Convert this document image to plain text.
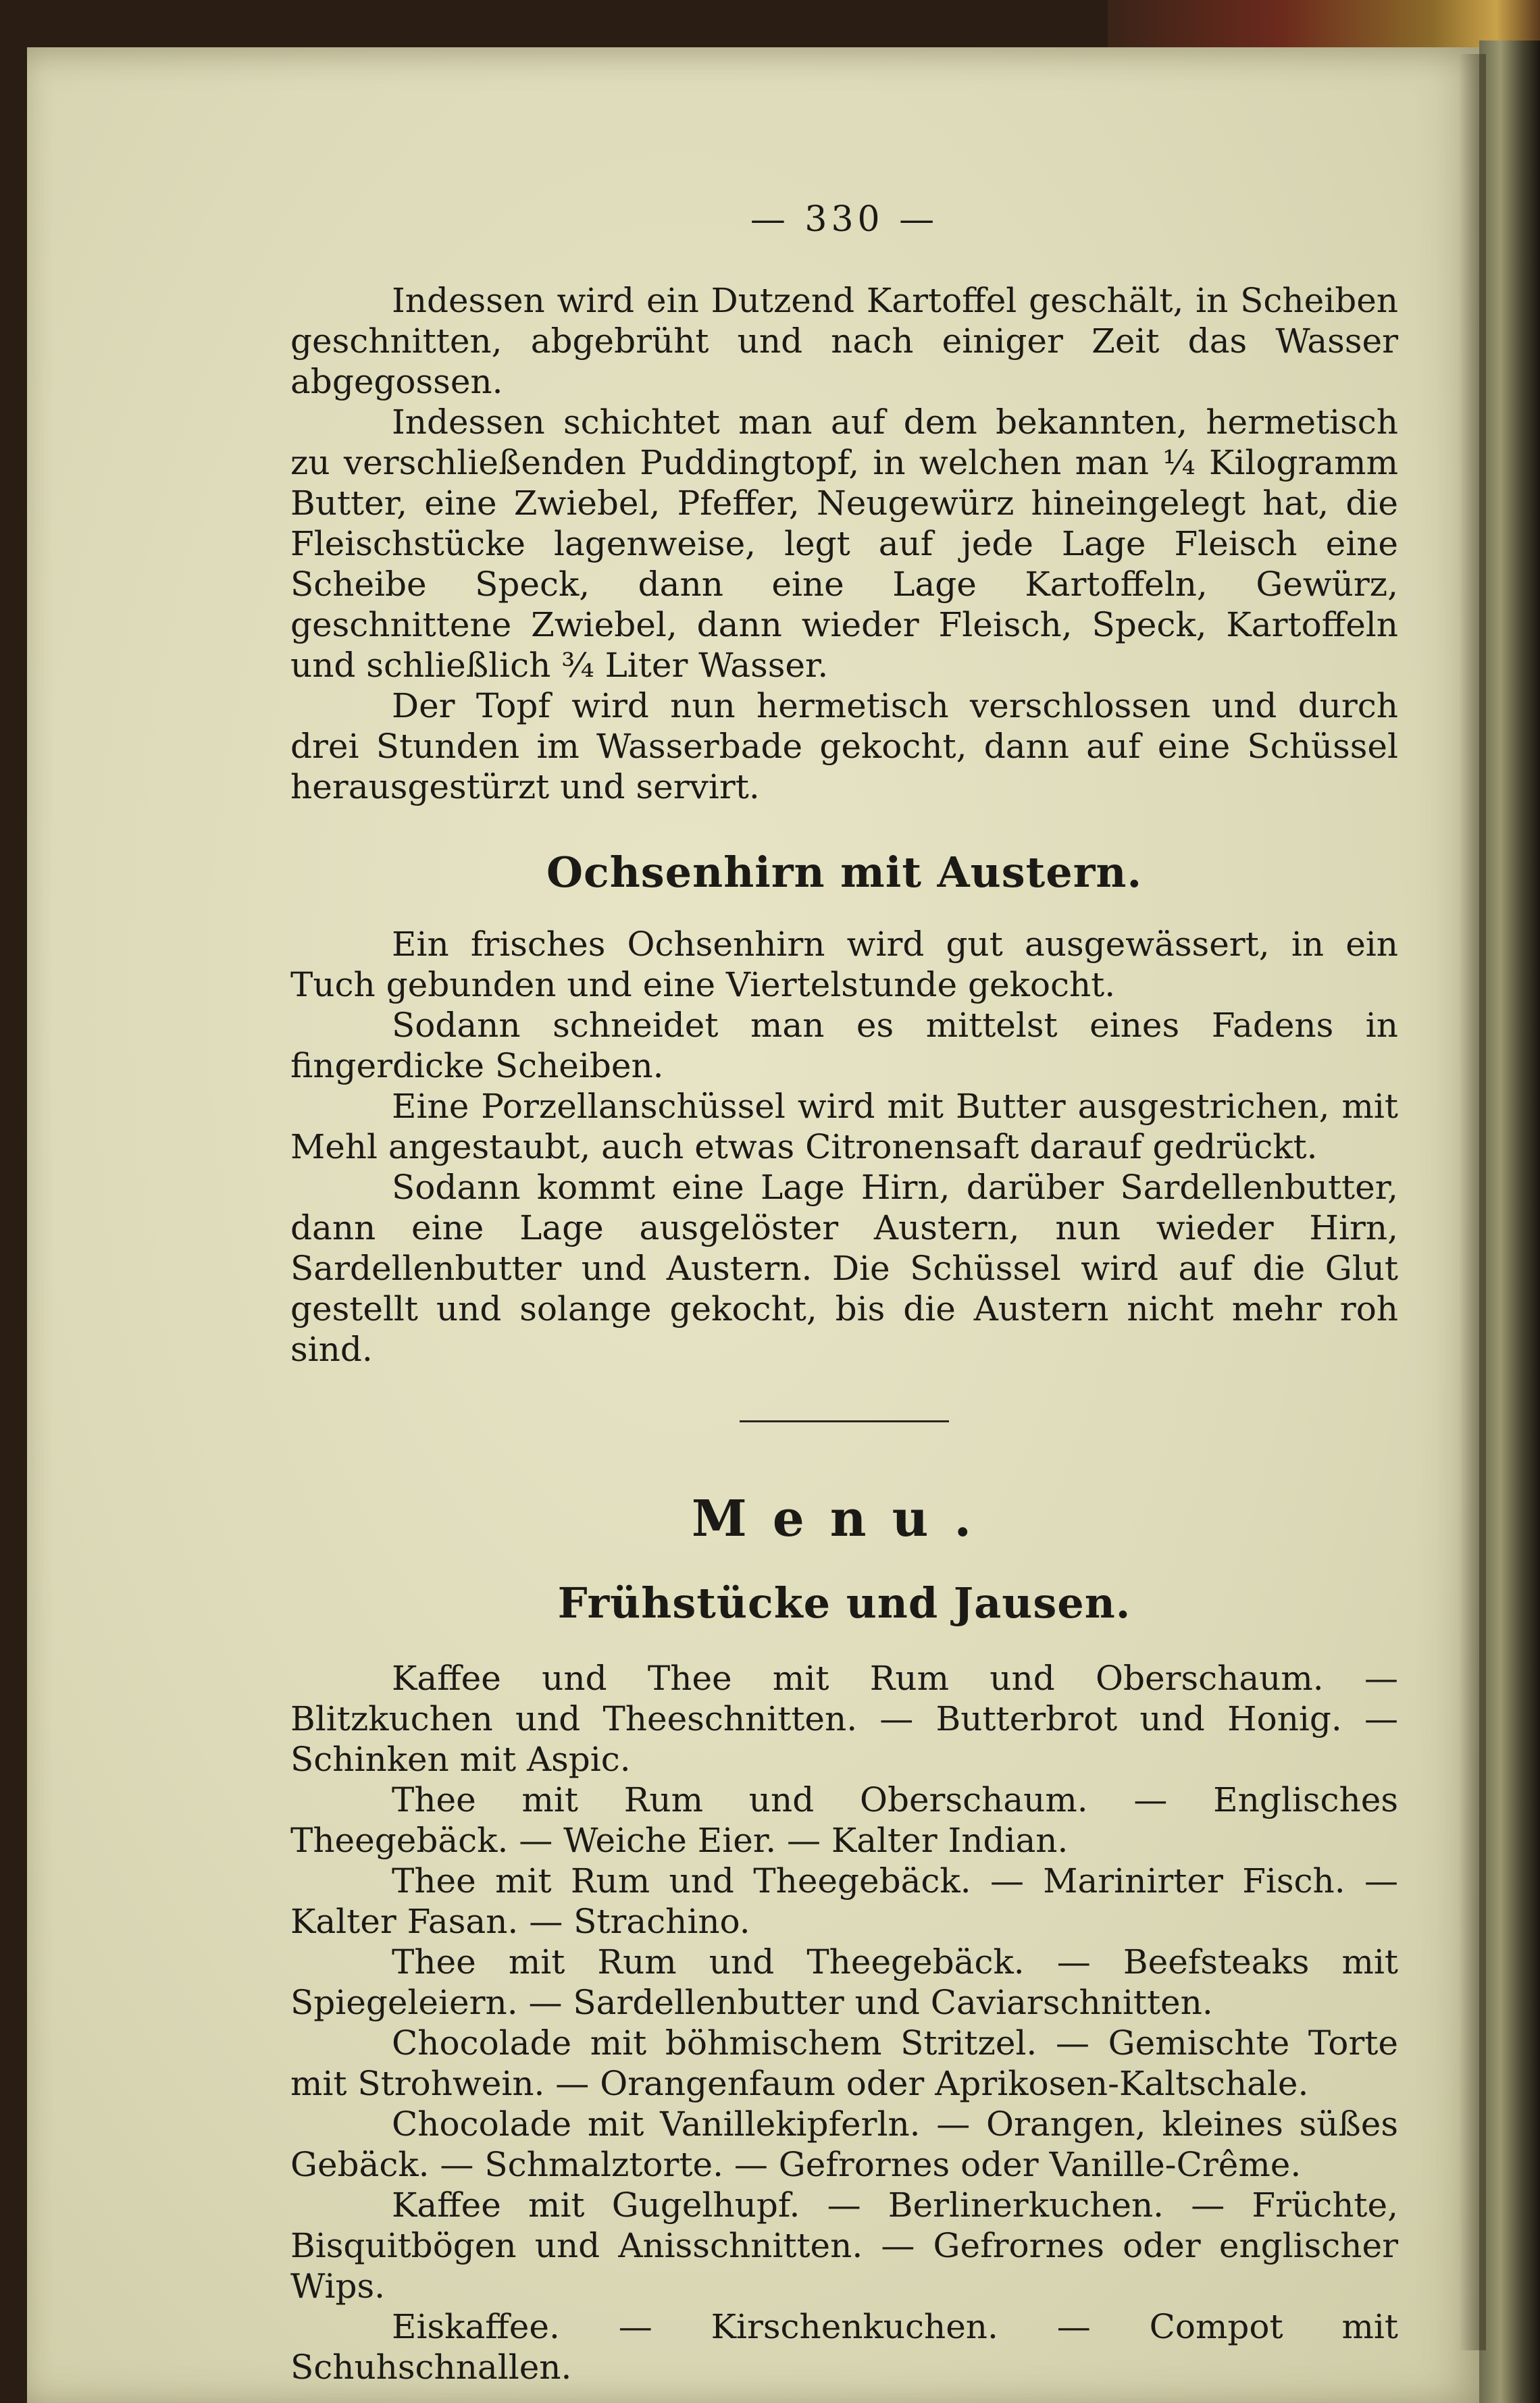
— 330 —

Indessen wird ein Dutzend Kartoffel geschält, in Scheiben geschnitten, abgebrüht und nach einiger Zeit das Wasser abgegossen.

Indessen schichtet man auf dem bekannten, hermetisch zu verschließenden Puddingtopf, in welchen man ¼ Kilogramm Butter, eine Zwiebel, Pfeffer, Neugewürz hineingelegt hat, die Fleischstücke lagenweise, legt auf jede Lage Fleisch eine Scheibe Speck, dann eine Lage Kartoffeln, Gewürz, geschnittene Zwiebel, dann wieder Fleisch, Speck, Kartoffeln und schließlich ¾ Liter Wasser.

Der Topf wird nun hermetisch verschlossen und durch drei Stunden im Wasserbade gekocht, dann auf eine Schüssel herausgestürzt und servirt.

Ochsenhirn mit Austern.

Ein frisches Ochsenhirn wird gut ausgewässert, in ein Tuch gebunden und eine Viertelstunde gekocht.

Sodann schneidet man es mittelst eines Fadens in fingerdicke Scheiben.

Eine Porzellanschüssel wird mit Butter ausgestrichen, mit Mehl angestaubt, auch etwas Citronensaft darauf gedrückt.

Sodann kommt eine Lage Hirn, darüber Sardellenbutter, dann eine Lage ausgelöster Austern, nun wieder Hirn, Sardellenbutter und Austern. Die Schüssel wird auf die Glut gestellt und solange gekocht, bis die Austern nicht mehr roh sind.

Menu.
Frühstücke und Jausen.

Kaffee und Thee mit Rum und Oberschaum. — Blitzkuchen und Theeschnitten. — Butterbrot und Honig. — Schinken mit Aspic.

Thee mit Rum und Oberschaum. — Englisches Theegebäck. — Weiche Eier. — Kalter Indian.

Thee mit Rum und Theegebäck. — Marinirter Fisch. — Kalter Fasan. — Strachino.

Thee mit Rum und Theegebäck. — Beefsteaks mit Spiegeleiern. — Sardellenbutter und Caviarschnitten.

Chocolade mit böhmischem Stritzel. — Gemischte Torte mit Strohwein. — Orangenfaum oder Aprikosen-Kaltschale.

Chocolade mit Vanillekipferln. — Orangen, kleines süßes Gebäck. — Schmalztorte. — Gefrornes oder Vanille-Crême.

Kaffee mit Gugelhupf. — Berlinerkuchen. — Früchte, Bisquitbögen und Anisschnitten. — Gefrornes oder englischer Wips.

Eiskaffee. — Kirschenkuchen. — Compot mit Schuhschnallen.
